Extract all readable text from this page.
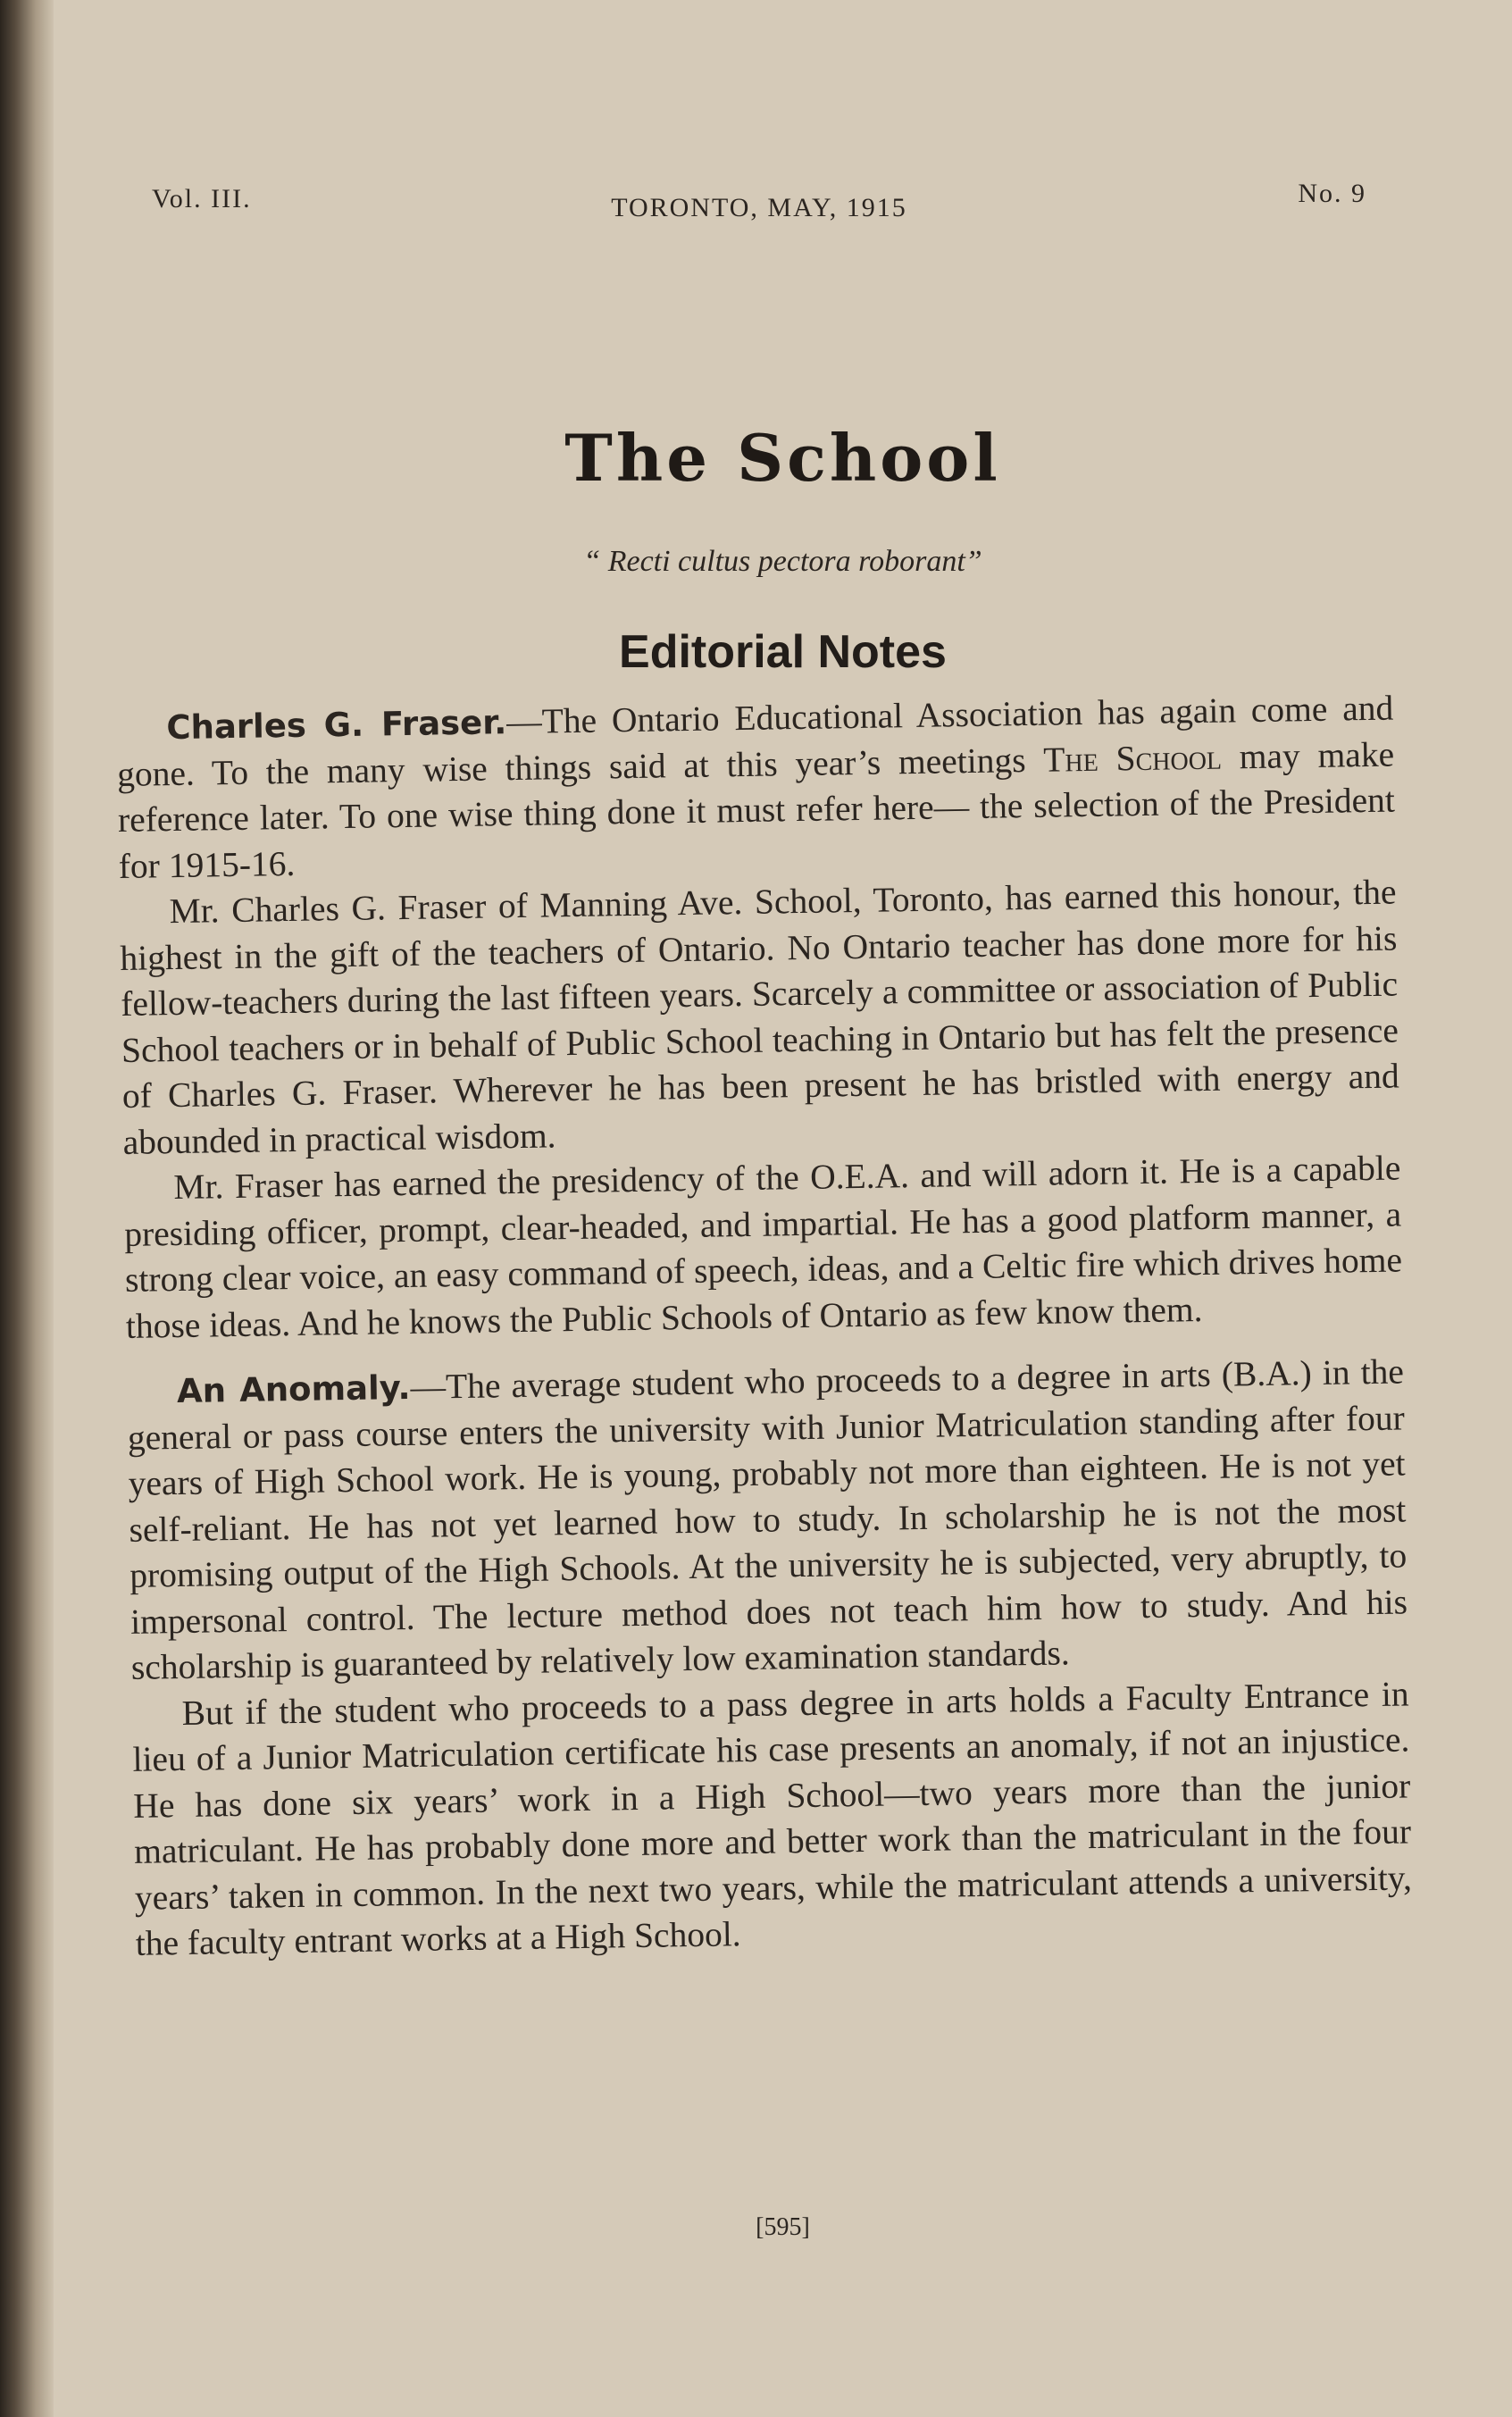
Vol. III.	TORONTO, MAY, 1915	No. 9
The School
“ Recti cultus pectora roborant”
Editorial Notes

Charles G. Fraser.—The Ontario Educational Association has again come and gone. To the many wise things said at this year’s meetings The School may make reference later. To one wise thing done it must refer here— the selection of the President for 1915-16.

Mr. Charles G. Fraser of Manning Ave. School, Toronto, has earned this honour, the highest in the gift of the teachers of Ontario. No Ontario teacher has done more for his fellow-teachers during the last fifteen years. Scarcely a committee or association of Public School teachers or in behalf of Public School teaching in Ontario but has felt the presence of Charles G. Fraser. Wherever he has been present he has bristled with energy and abounded in practical wisdom.

Mr. Fraser has earned the presidency of the O.E.A. and will adorn it. He is a capable presiding officer, prompt, clear-headed, and impartial. He has a good platform manner, a strong clear voice, an easy command of speech, ideas, and a Celtic fire which drives home those ideas. And he knows the Public Schools of Ontario as few know them.

An Anomaly.—The average student who proceeds to a degree in arts (B.A.) in the general or pass course enters the university with Junior Matriculation standing after four years of High School work. He is young, probably not more than eighteen. He is not yet self-reliant. He has not yet learned how to study. In scholarship he is not the most promising output of the High Schools. At the university he is subjected, very abruptly, to impersonal control. The lecture method does not teach him how to study. And his scholarship is guaranteed by relatively low examination standards.

But if the student who proceeds to a pass degree in arts holds a Faculty Entrance in lieu of a Junior Matriculation certificate his case presents an anomaly, if not an injustice. He has done six years’ work in a High School—two years more than the junior matriculant. He has probably done more and better work than the matriculant in the four years’ taken in common. In the next two years, while the matriculant attends a university, the faculty entrant works at a High School.

[595]
